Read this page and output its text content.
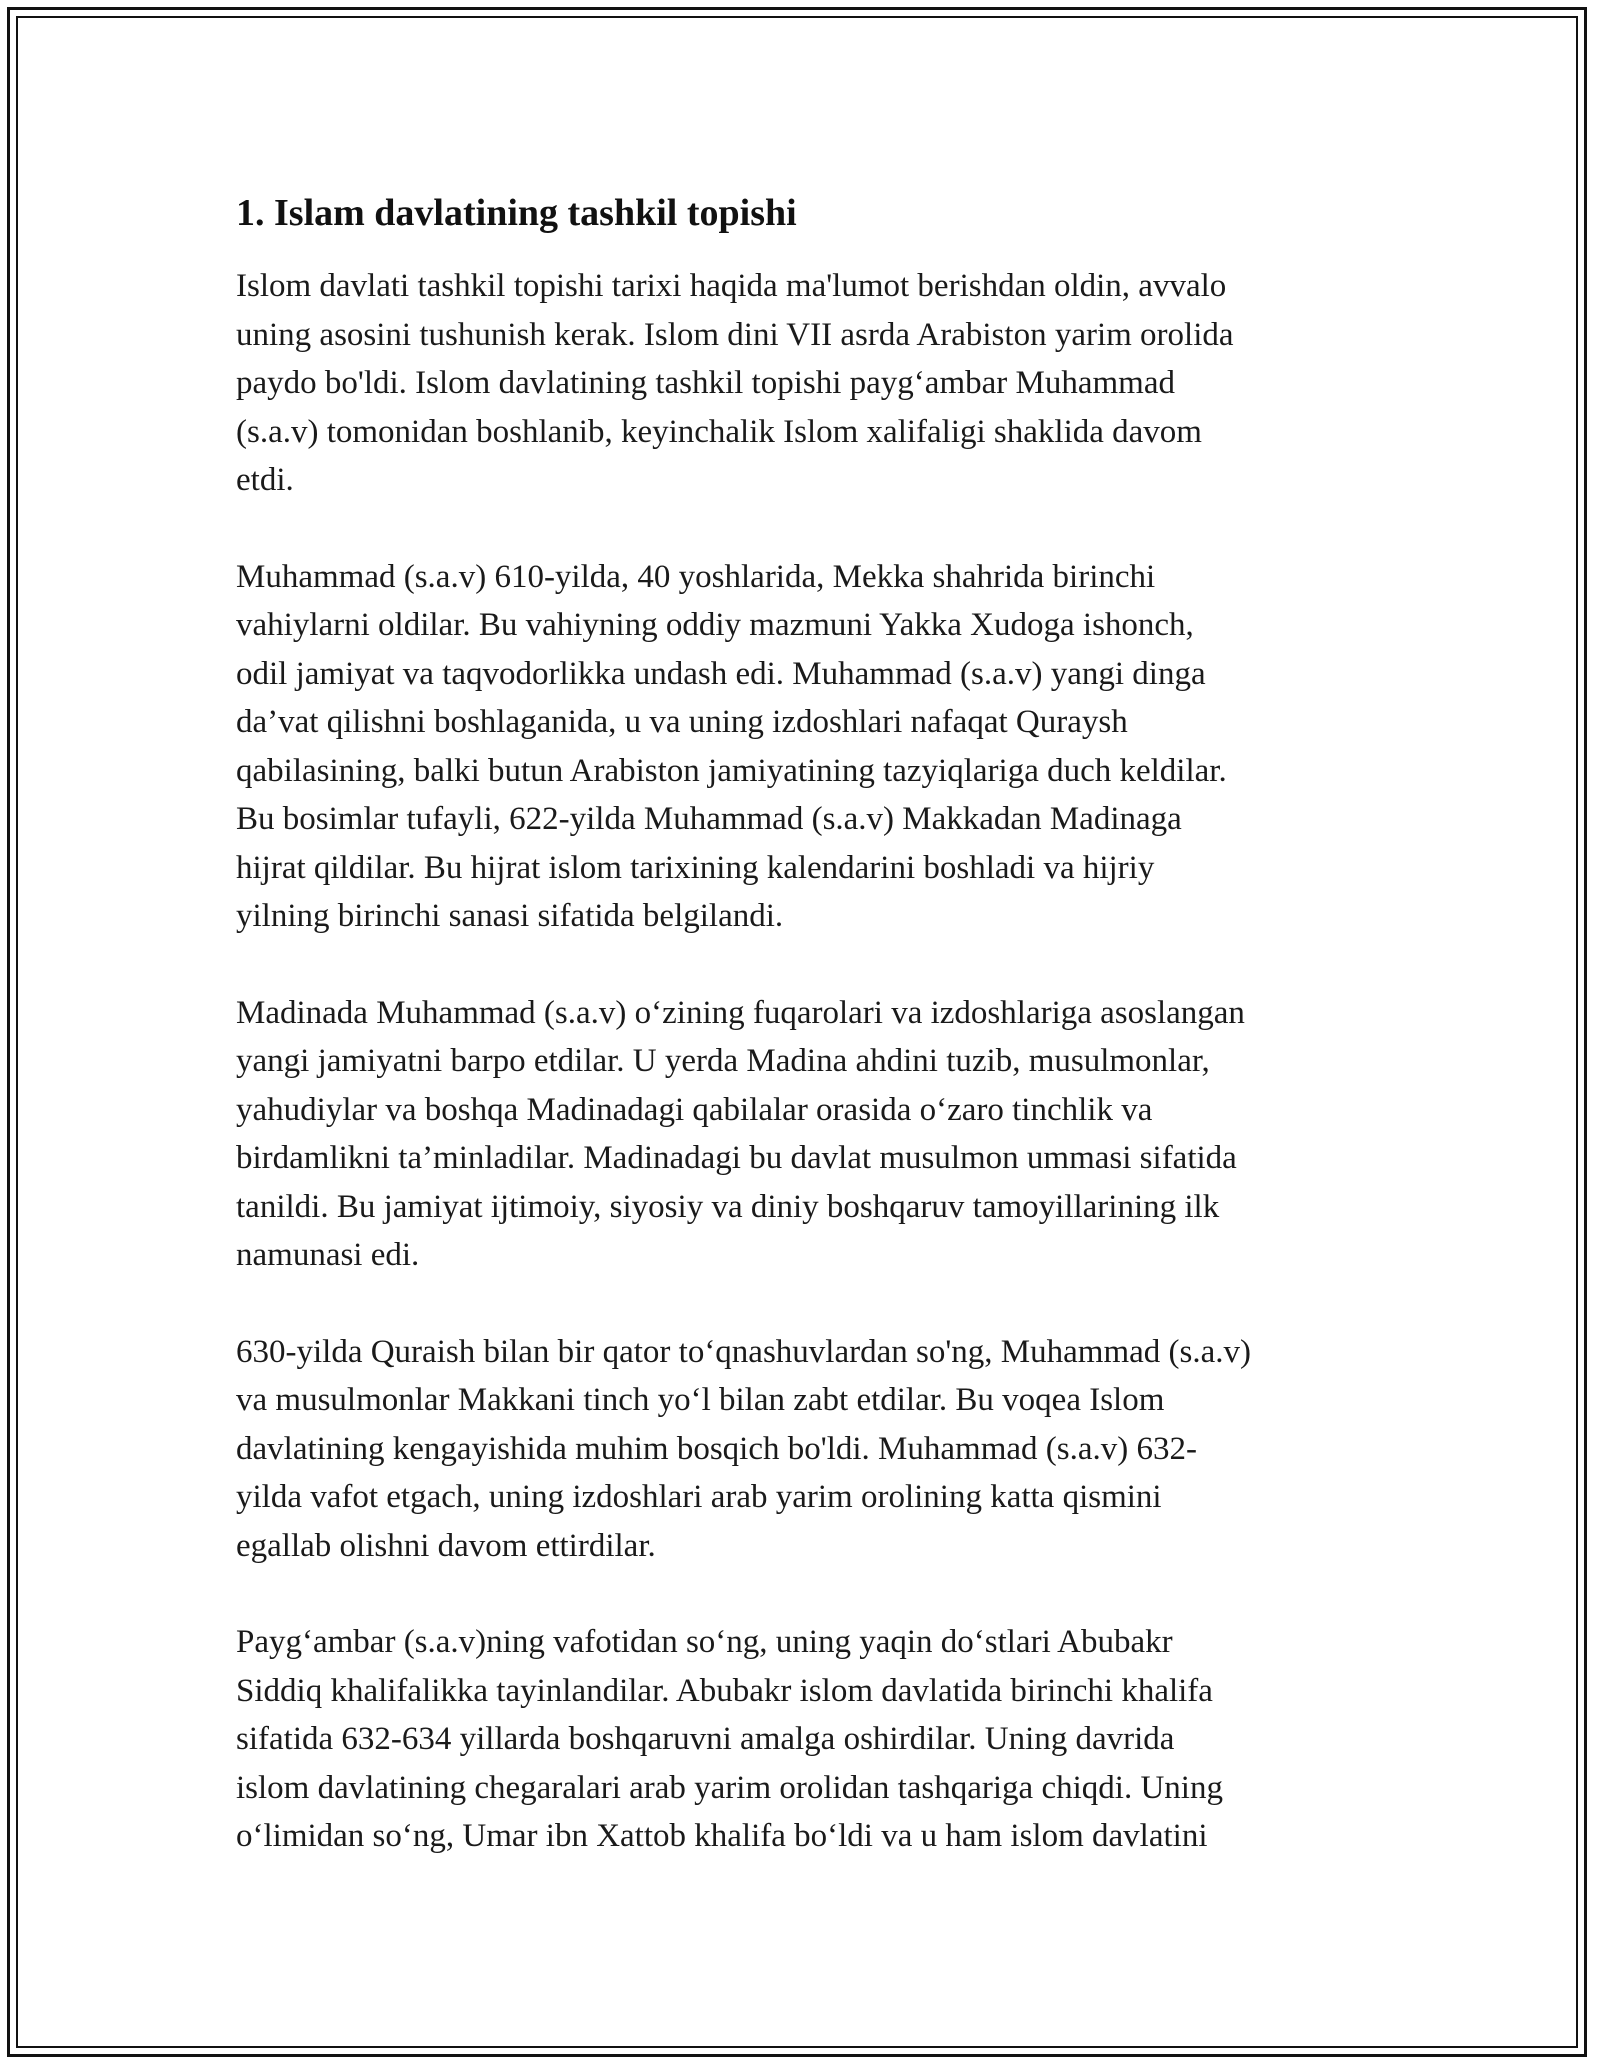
1. Islam davlatining tashkil topishi

Islom davlati tashkil topishi tarixi haqida ma'lumot berishdan oldin, avvalo
uning asosini tushunish kerak. Islom dini VII asrda Arabiston yarim orolida
paydo bo'ldi. Islom davlatining tashkil topishi payg‘ambar Muhammad
(s.a.v) tomonidan boshlanib, keyinchalik Islom xalifaligi shaklida davom
etdi.

Muhammad (s.a.v) 610-yilda, 40 yoshlarida, Mekka shahrida birinchi
vahiylarni oldilar. Bu vahiyning oddiy mazmuni Yakka Xudoga ishonch,
odil jamiyat va taqvodorlikka undash edi. Muhammad (s.a.v) yangi dinga
da’vat qilishni boshlaganida, u va uning izdoshlari nafaqat Quraysh
qabilasining, balki butun Arabiston jamiyatining tazyiqlariga duch keldilar.
Bu bosimlar tufayli, 622-yilda Muhammad (s.a.v) Makkadan Madinaga
hijrat qildilar. Bu hijrat islom tarixining kalendarini boshladi va hijriy
yilning birinchi sanasi sifatida belgilandi.

Madinada Muhammad (s.a.v) o‘zining fuqarolari va izdoshlariga asoslangan
yangi jamiyatni barpo etdilar. U yerda Madina ahdini tuzib, musulmonlar,
yahudiylar va boshqa Madinadagi qabilalar orasida o‘zaro tinchlik va
birdamlikni ta’minladilar. Madinadagi bu davlat musulmon ummasi sifatida
tanildi. Bu jamiyat ijtimoiy, siyosiy va diniy boshqaruv tamoyillarining ilk
namunasi edi.

630-yilda Quraish bilan bir qator to‘qnashuvlardan so'ng, Muhammad (s.a.v)
va musulmonlar Makkani tinch yo‘l bilan zabt etdilar. Bu voqea Islom
davlatining kengayishida muhim bosqich bo'ldi. Muhammad (s.a.v) 632-
yilda vafot etgach, uning izdoshlari arab yarim orolining katta qismini
egallab olishni davom ettirdilar.

Payg‘ambar (s.a.v)ning vafotidan so‘ng, uning yaqin do‘stlari Abubakr
Siddiq khalifalikka tayinlandilar. Abubakr islom davlatida birinchi khalifa
sifatida 632-634 yillarda boshqaruvni amalga oshirdilar. Uning davrida
islom davlatining chegaralari arab yarim orolidan tashqariga chiqdi. Uning
o‘limidan so‘ng, Umar ibn Xattob khalifa bo‘ldi va u ham islom davlatini
